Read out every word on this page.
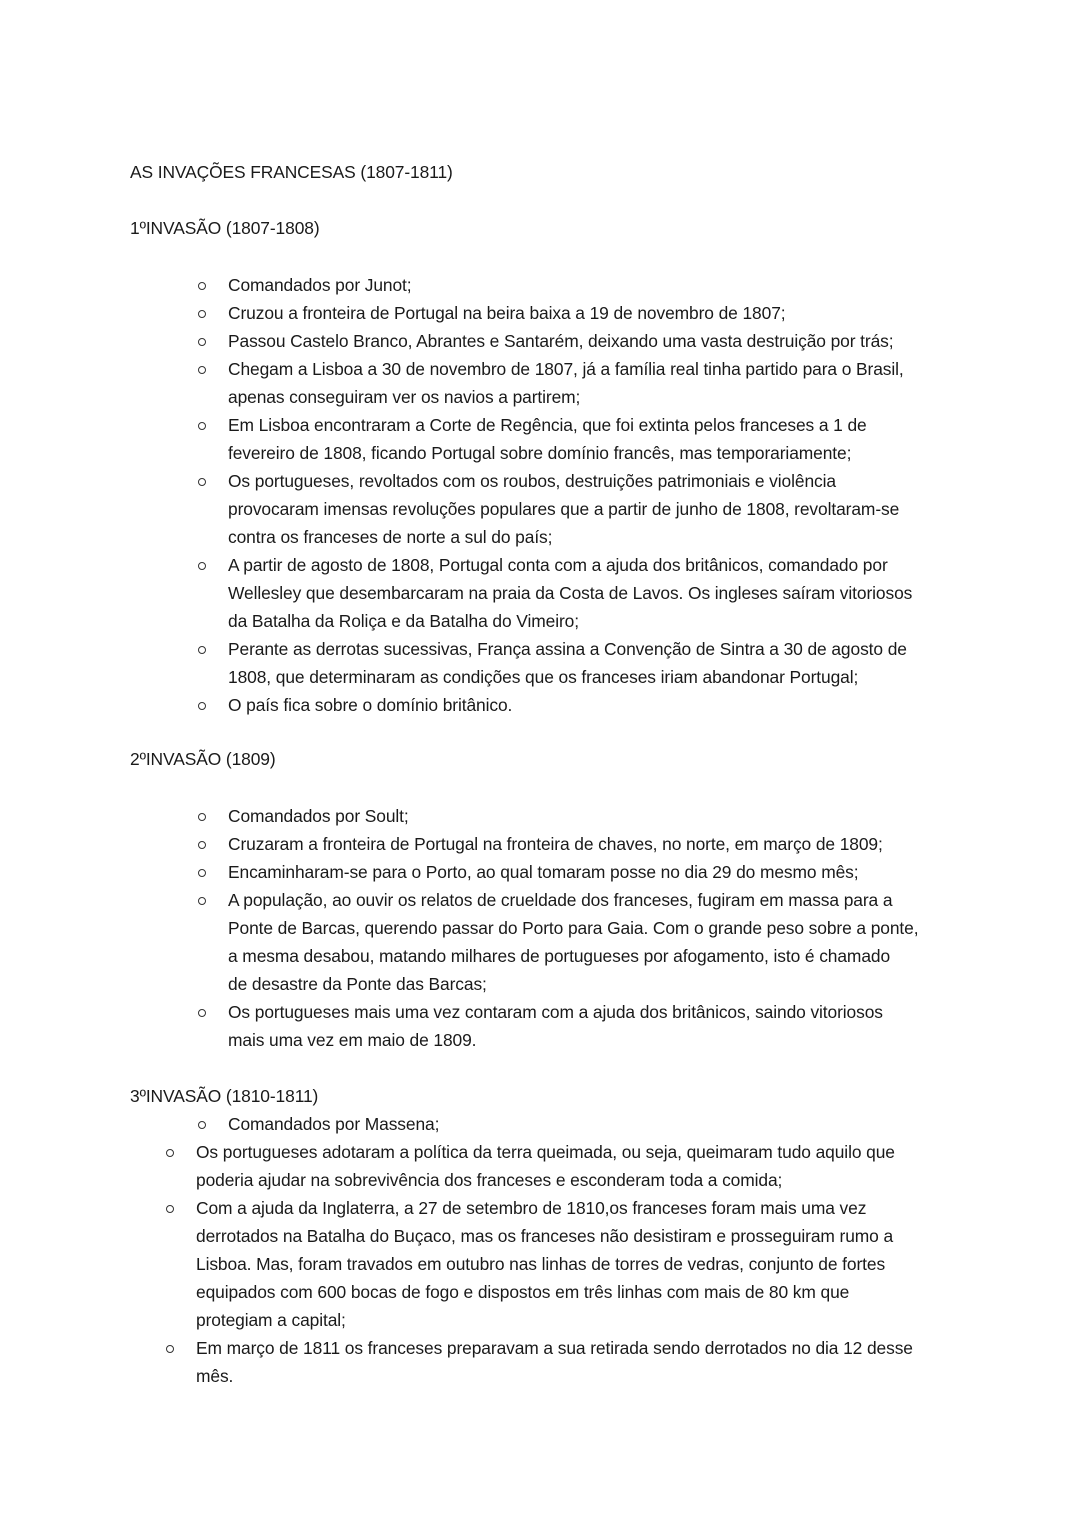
AS INVAÇÕES FRANCESAS (1807-1811)
1ºINVASÃO (1807-1808)
Comandados por Junot;
Cruzou a fronteira de Portugal na beira baixa a 19 de novembro de 1807;
Passou Castelo Branco, Abrantes e Santarém, deixando uma vasta destruição por trás;
Chegam a Lisboa a 30 de novembro de 1807, já a família real tinha partido para o Brasil,
apenas conseguiram ver os navios a partirem;
Em Lisboa encontraram a Corte de Regência, que foi extinta pelos franceses a 1 de
fevereiro de 1808, ficando Portugal sobre domínio francês, mas temporariamente;
Os portugueses, revoltados com os roubos, destruições patrimoniais e violência
provocaram imensas revoluções populares que a partir de junho de 1808, revoltaram-se
contra os franceses de norte a sul do país;
A partir de agosto de 1808, Portugal conta com a ajuda dos britânicos, comandado por
Wellesley que desembarcaram na praia da Costa de Lavos. Os ingleses saíram vitoriosos
da Batalha da Roliça e da Batalha do Vimeiro;
Perante as derrotas sucessivas, França assina a Convenção de Sintra a 30 de agosto de
1808, que determinaram as condições que os franceses iriam abandonar Portugal;
O país fica sobre o domínio britânico.
2ºINVASÃO (1809)
Comandados por Soult;
Cruzaram a fronteira de Portugal na fronteira de chaves, no norte, em março de 1809;
Encaminharam-se para o Porto, ao qual tomaram posse no dia 29 do mesmo mês;
A população, ao ouvir os relatos de crueldade dos franceses, fugiram em massa para a
Ponte de Barcas, querendo passar do Porto para Gaia. Com o grande peso sobre a ponte,
a mesma desabou, matando milhares de portugueses por afogamento, isto é chamado
de desastre da Ponte das Barcas;
Os portugueses mais uma vez contaram com a ajuda dos britânicos, saindo vitoriosos
mais uma vez em maio de 1809.
3ºINVASÃO (1810-1811)
Comandados por Massena;
Os portugueses adotaram a política da terra queimada, ou seja, queimaram tudo aquilo que
poderia ajudar na sobrevivência dos franceses e esconderam toda a comida;
Com a ajuda da Inglaterra, a 27 de setembro de 1810,os franceses foram mais uma vez
derrotados na Batalha do Buçaco, mas os franceses não desistiram e prosseguiram rumo a
Lisboa. Mas, foram travados em outubro nas linhas de torres de vedras, conjunto de fortes
equipados com 600 bocas de fogo e dispostos em três linhas com mais de 80 km que
protegiam a capital;
Em março de 1811 os franceses preparavam a sua retirada sendo derrotados no dia 12 desse
mês.
